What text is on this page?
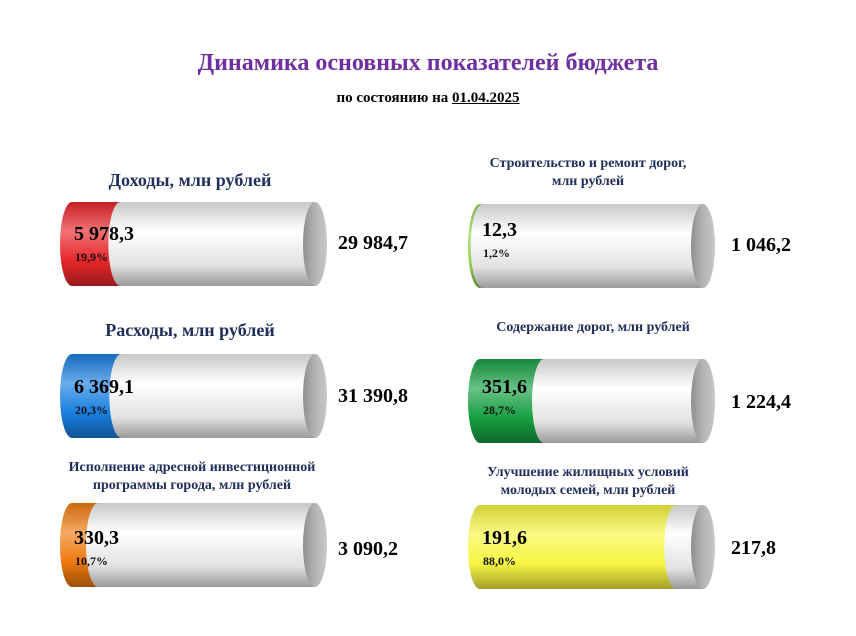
Динамика основных показателей бюджета
по состоянию на 01.04.2025
Доходы, млн рублей
5 978,3
19,9%
29 984,7
Расходы, млн рублей
6 369,1
20,3%
31 390,8
Исполнение адресной инвестиционной программы города, млн рублей
330,3
10,7%
3 090,2
Строительство и ремонт дорог, млн рублей
12,3
1,2%	1 046,2
Содержание дорог, млн рублей
351,6
28,7%	1 224,4
Улучшение жилищных условий молодых семей, млн рублей
191,6
88,0%
217,8
